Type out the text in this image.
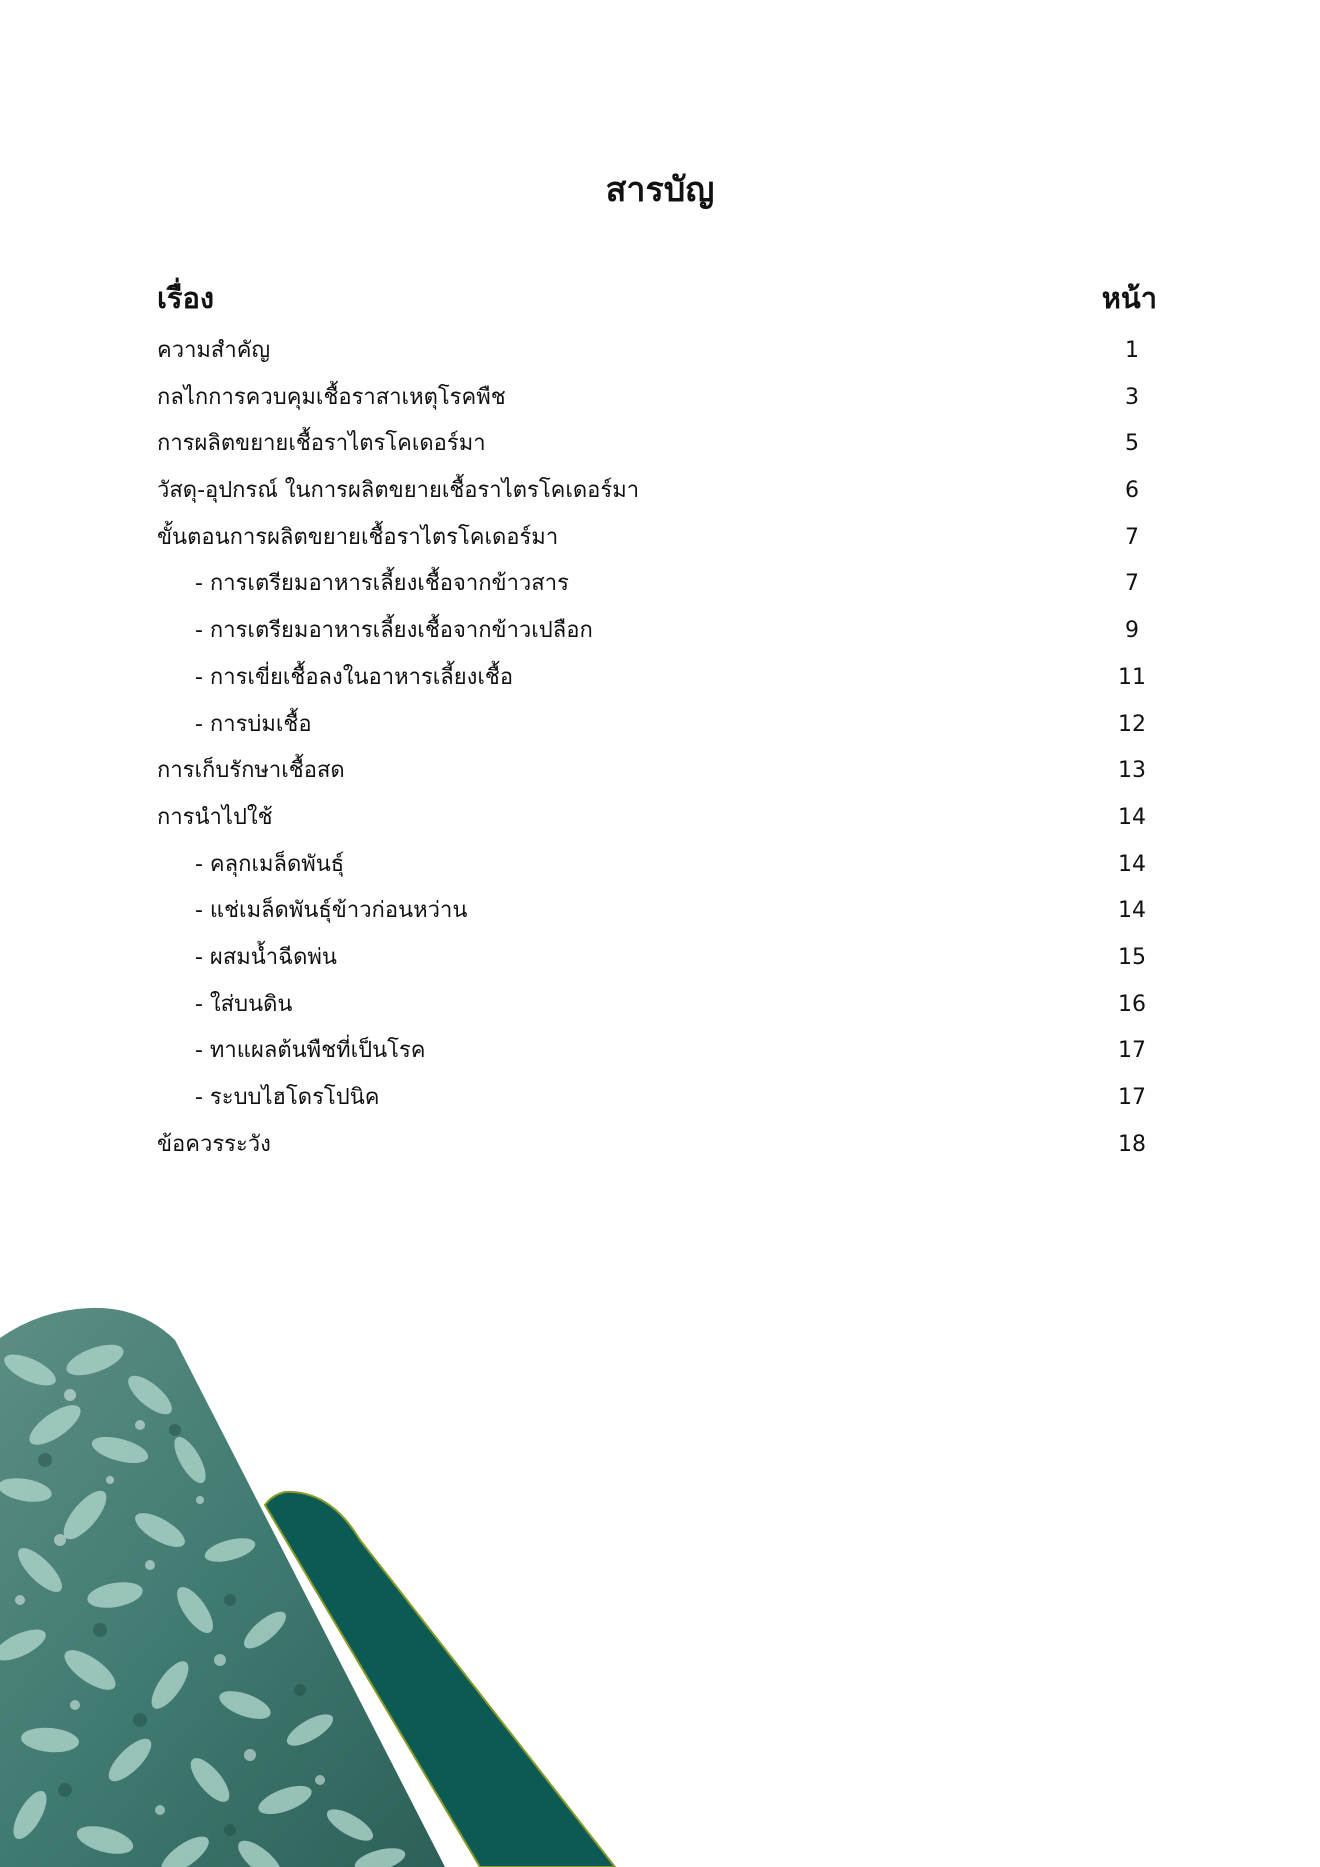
สารบัญ
เรื่อง	หน้า
ความสำคัญ	1
กลไกการควบคุมเชื้อราสาเหตุโรคพืช	3
การผลิตขยายเชื้อราไตรโคเดอร์มา	5
วัสดุ-อุปกรณ์ ในการผลิตขยายเชื้อราไตรโคเดอร์มา	6
ขั้นตอนการผลิตขยายเชื้อราไตรโคเดอร์มา	7
- การเตรียมอาหารเลี้ยงเชื้อจากข้าวสาร	7
- การเตรียมอาหารเลี้ยงเชื้อจากข้าวเปลือก	9
- การเขี่ยเชื้อลงในอาหารเลี้ยงเชื้อ	11
- การบ่มเชื้อ	12
การเก็บรักษาเชื้อสด	13
การนำไปใช้	14
- คลุกเมล็ดพันธุ์	14
- แช่เมล็ดพันธุ์ข้าวก่อนหว่าน	14
- ผสมน้ำฉีดพ่น	15
- ใส่บนดิน	16
- ทาแผลต้นพืชที่เป็นโรค	17
- ระบบไฮโดรโปนิค	17
ข้อควรระวัง	18
